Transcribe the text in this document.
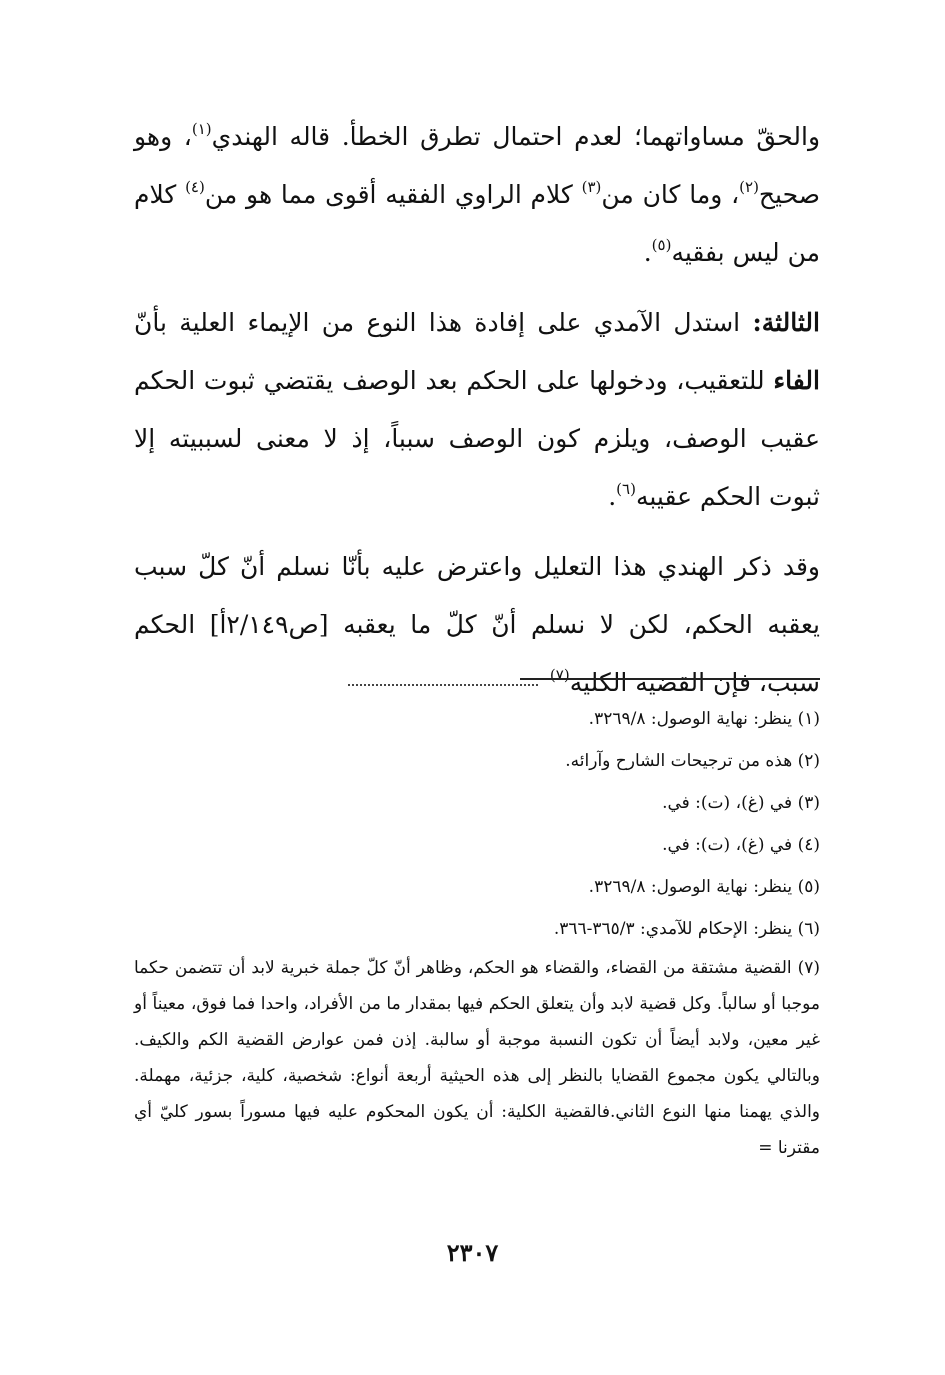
والحقّ مساواتهما؛ لعدم احتمال تطرق الخطأ. قاله الهندي$^{(١)}$، وهو صحيح$^{(٢)}$، وما كان من$^{(٣)}$ كلام الراوي الفقيه أقوى مما هو من$^{(٤)}$ كلام من ليس بفقيه$^{(٥)}$.

الثالثة: استدل الآمدي على إفادة هذا النوع من الإيماء العلية بأنّ الفاء للتعقيب، ودخولها على الحكم بعد الوصف يقتضي ثبوت الحكم عقيب الوصف، ويلزم كون الوصف سبباً، إذ لا معنى لسببيته إلا ثبوت الحكم عقيبه$^{(٦)}$.

وقد ذكر الهندي هذا التعليل واعترض عليه بأنّا نسلم أنّ كلّ سبب يعقبه الحكم، لكن لا نسلم أنّ كلّ ما يعقبه [ص٢/١٤٩أ] الحكم سبب، فإن القضية الكلية$^{(٧)}$

(١) ينظر: نهاية الوصول: ٣٢٦٩/٨.

(٢) هذه من ترجيحات الشارح وآرائه.

(٣) في (غ)، (ت): في.

(٤) في (غ)، (ت): في.

(٥) ينظر: نهاية الوصول: ٣٢٦٩/٨.

(٦) ينظر: الإحكام للآمدي: ٣٦٥/٣-٣٦٦.

(٧) القضية مشتقة من القضاء، والقضاء هو الحكم، وظاهر أنّ كلّ جملة خبرية لابد أن تتضمن حكما موجبا أو سالباً. وكل قضية لابد وأن يتعلق الحكم فيها بمقدار ما من الأفراد، واحدا فما فوق، معيناً أو غير معين، ولابد أيضاً أن تكون النسبة موجبة أو سالبة. إذن فمن عوارض القضية الكم والكيف. وبالتالي يكون مجموع القضايا بالنظر إلى هذه الحيثية أربعة أنواع: شخصية، كلية، جزئية، مهملة. والذي يهمنا منها النوع الثاني.فالقضية الكلية: أن يكون المحكوم عليه فيها مسوراً بسور كليّ أي مقترنا =

٢٣٠٧
